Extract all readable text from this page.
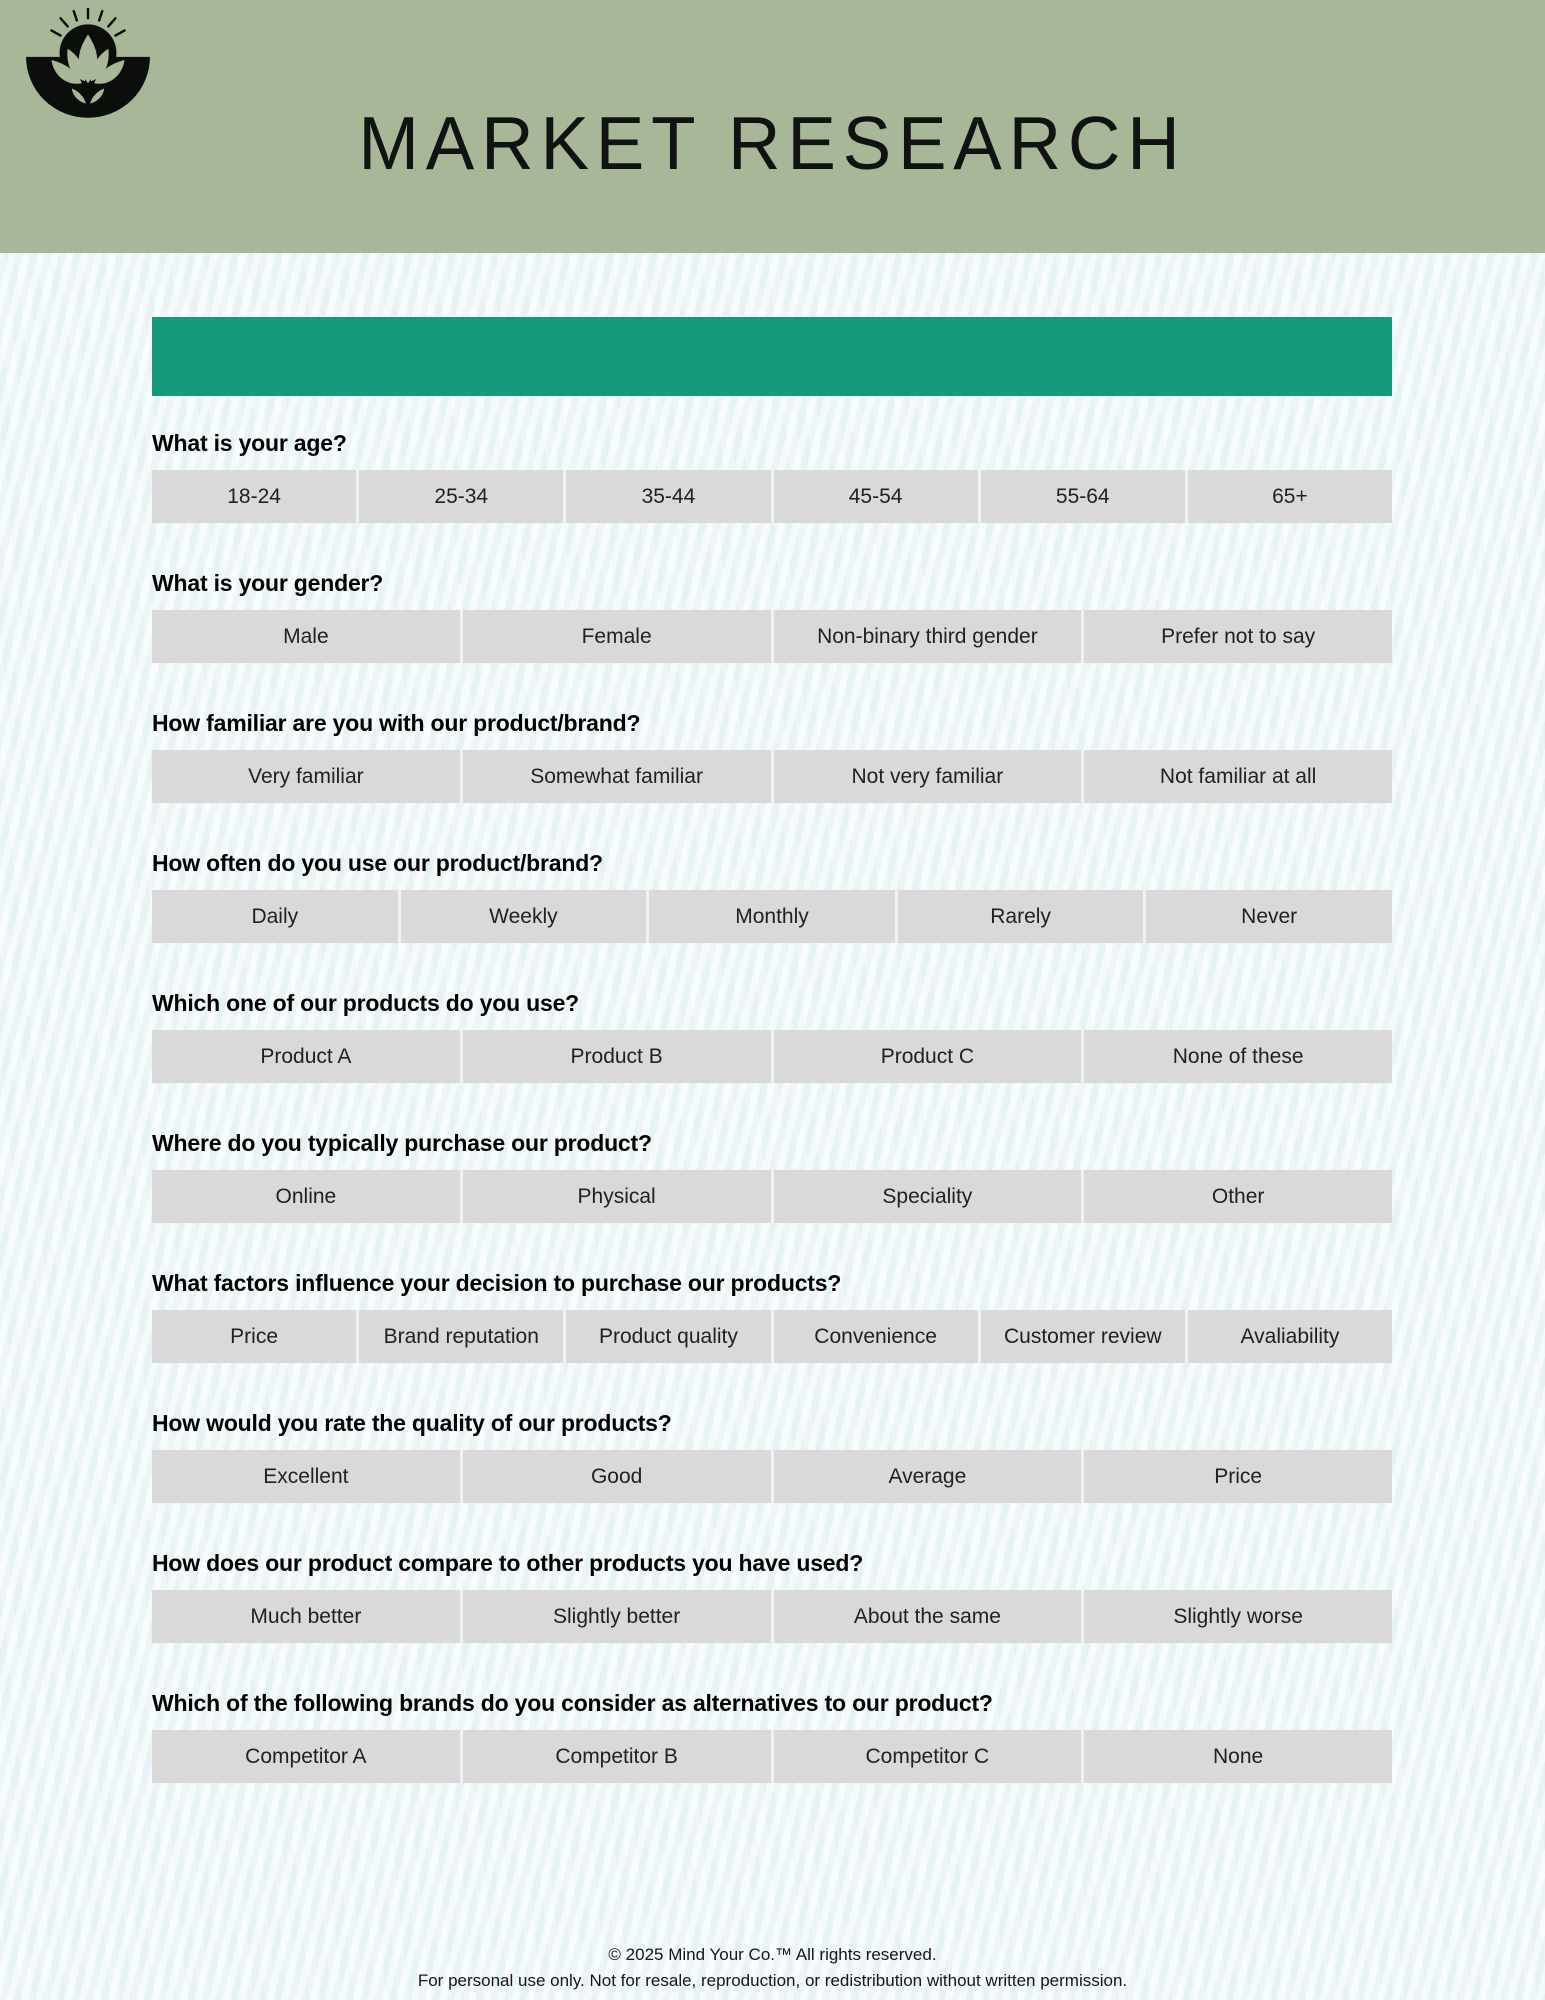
MARKET RESEARCH
What is your age?
18-24	25-34	35-44	45-54	55-64	65+
What is your gender?
Male	Female	Non-binary third gender	Prefer not to say
How familiar are you with our product/brand?
Very familiar	Somewhat familiar	Not very familiar	Not familiar at all
How often do you use our product/brand?
Daily	Weekly	Monthly	Rarely	Never
Which one of our products do you use?
Product A	Product B	Product C	None of these
Where do you typically purchase our product?
Online	Physical	Speciality	Other
What factors influence your decision to purchase our products?
Price	Brand reputation	Product quality	Convenience	Customer review	Avaliability
How would you rate the quality of our products?
Excellent	Good	Average	Price
How does our product compare to other products you have used?
Much better	Slightly better	About the same	Slightly worse
Which of the following brands do you consider as alternatives to our product?
Competitor A	Competitor B	Competitor C	None
© 2025 Mind Your Co.™ All rights reserved.
For personal use only. Not for resale, reproduction, or redistribution without written permission.
